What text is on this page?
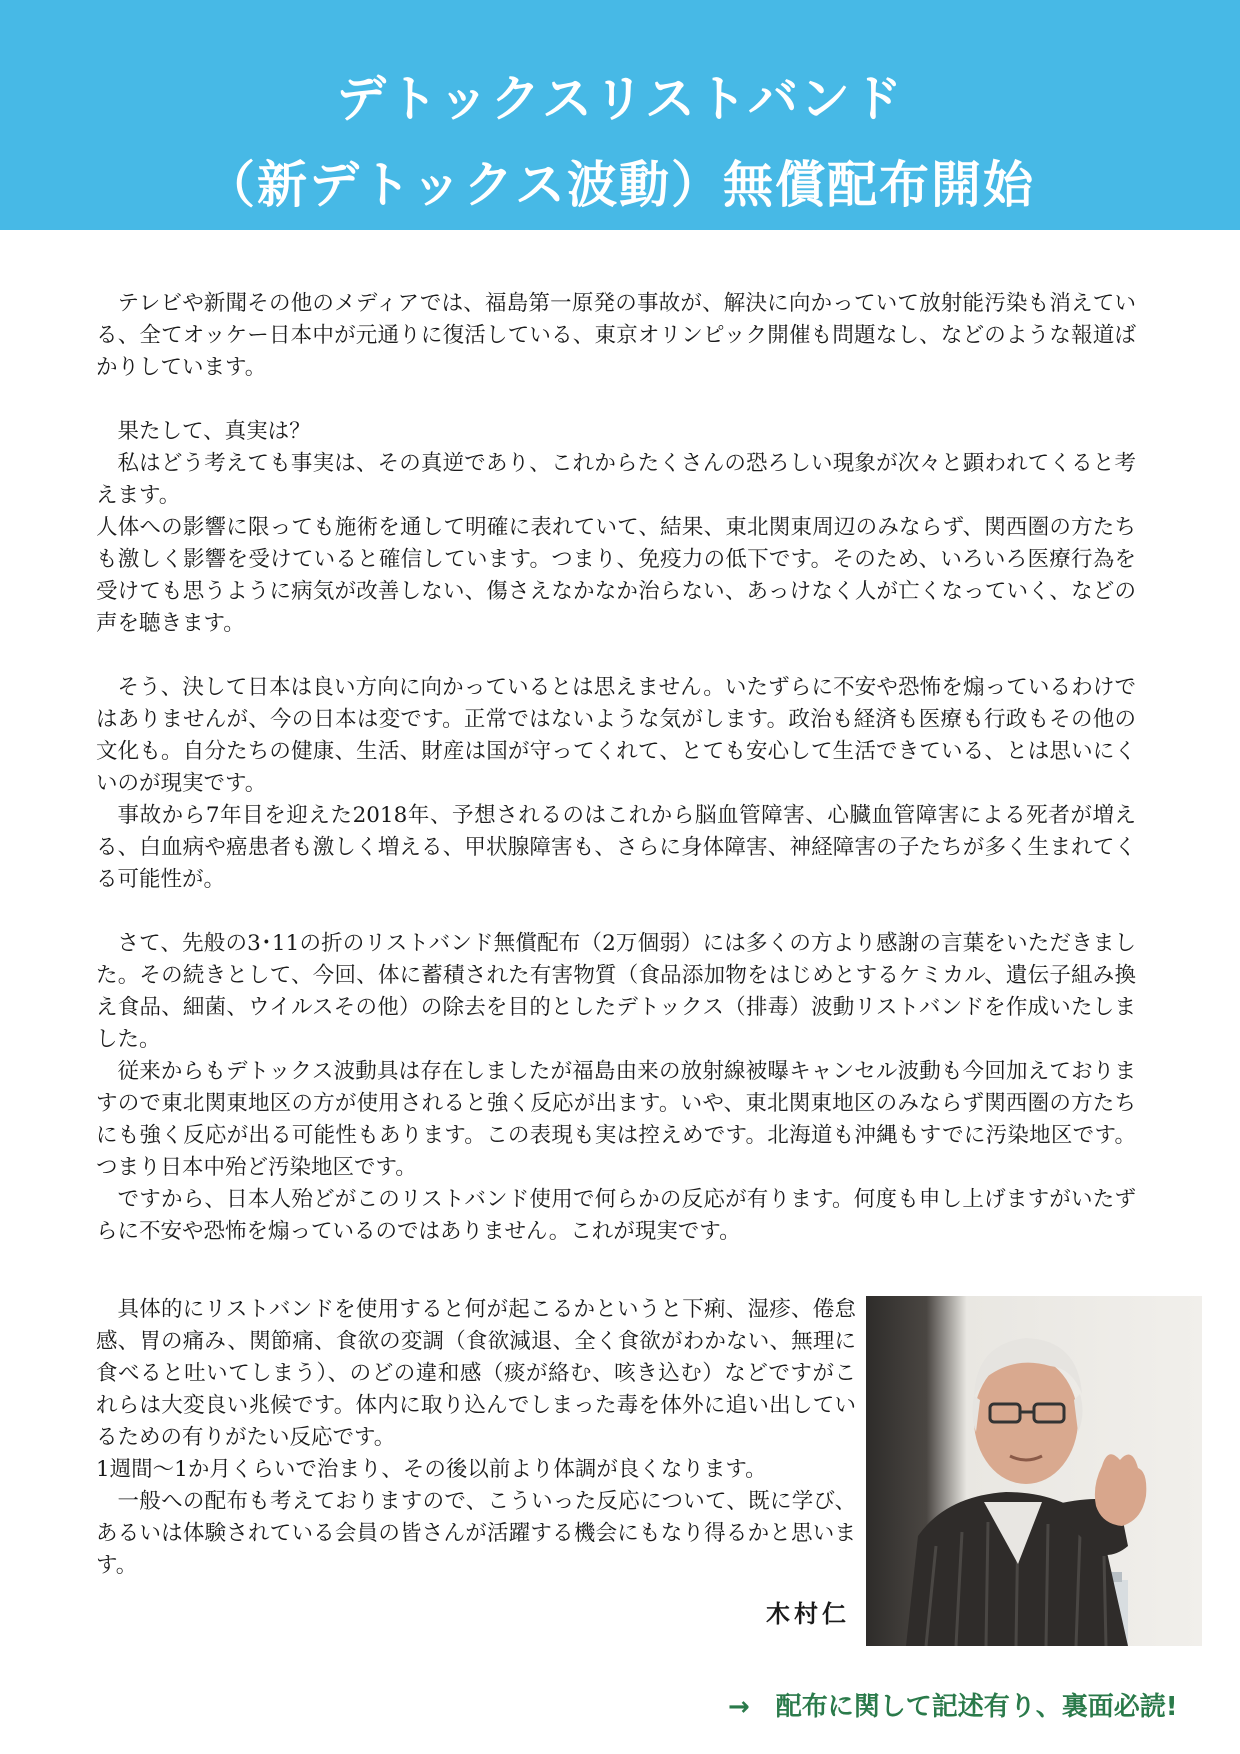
デトックスリストバンド
（新デトックス波動）無償配布開始

テレビや新聞その他のメディアでは、福島第一原発の事故が、解決に向かっていて放射能汚染も消えている、全てオッケー日本中が元通りに復活している、東京オリンピック開催も問題なし、などのような報道ばかりしています。

果たして、真実は？

私はどう考えても事実は、その真逆であり、これからたくさんの恐ろしい現象が次々と顕われてくると考えます。

人体への影響に限っても施術を通して明確に表れていて、結果、東北関東周辺のみならず、関西圏の方たちも激しく影響を受けていると確信しています。つまり、免疫力の低下です。そのため、いろいろ医療行為を受けても思うように病気が改善しない、傷さえなかなか治らない、あっけなく人が亡くなっていく、などの声を聴きます。

そう、決して日本は良い方向に向かっているとは思えません。いたずらに不安や恐怖を煽っているわけではありませんが、今の日本は変です。正常ではないような気がします。政治も経済も医療も行政もその他の文化も。自分たちの健康、生活、財産は国が守ってくれて、とても安心して生活できている、とは思いにくいのが現実です。

事故から7年目を迎えた2018年、予想されるのはこれから脳血管障害、心臓血管障害による死者が増える、白血病や癌患者も激しく増える、甲状腺障害も、さらに身体障害、神経障害の子たちが多く生まれてくる可能性が。

さて、先般の3･11の折のリストバンド無償配布（2万個弱）には多くの方より感謝の言葉をいただきました。その続きとして、今回、体に蓄積された有害物質（食品添加物をはじめとするケミカル、遺伝子組み換え食品、細菌、ウイルスその他）の除去を目的としたデトックス（排毒）波動リストバンドを作成いたしました。

従来からもデトックス波動具は存在しましたが福島由来の放射線被曝キャンセル波動も今回加えておりますので東北関東地区の方が使用されると強く反応が出ます。いや、東北関東地区のみならず関西圏の方たちにも強く反応が出る可能性もあります。この表現も実は控えめです。北海道も沖縄もすでに汚染地区です。つまり日本中殆ど汚染地区です。

ですから、日本人殆どがこのリストバンド使用で何らかの反応が有ります。何度も申し上げますがいたずらに不安や恐怖を煽っているのではありません。これが現実です。

具体的にリストバンドを使用すると何が起こるかというと下痢、湿疹、倦怠感、胃の痛み、関節痛、食欲の変調（食欲減退、全く食欲がわかない、無理に食べると吐いてしまう）、のどの違和感（痰が絡む、咳き込む）などですがこれらは大変良い兆候です。体内に取り込んでしまった毒を体外に追い出しているための有りがたい反応です。

1週間～1か月くらいで治まり、その後以前より体調が良くなります。

一般への配布も考えておりますので、こういった反応について、既に学び、あるいは体験されている会員の皆さんが活躍する機会にもなり得るかと思います。

木村仁
→ 配布に関して記述有り、裏面必読!
